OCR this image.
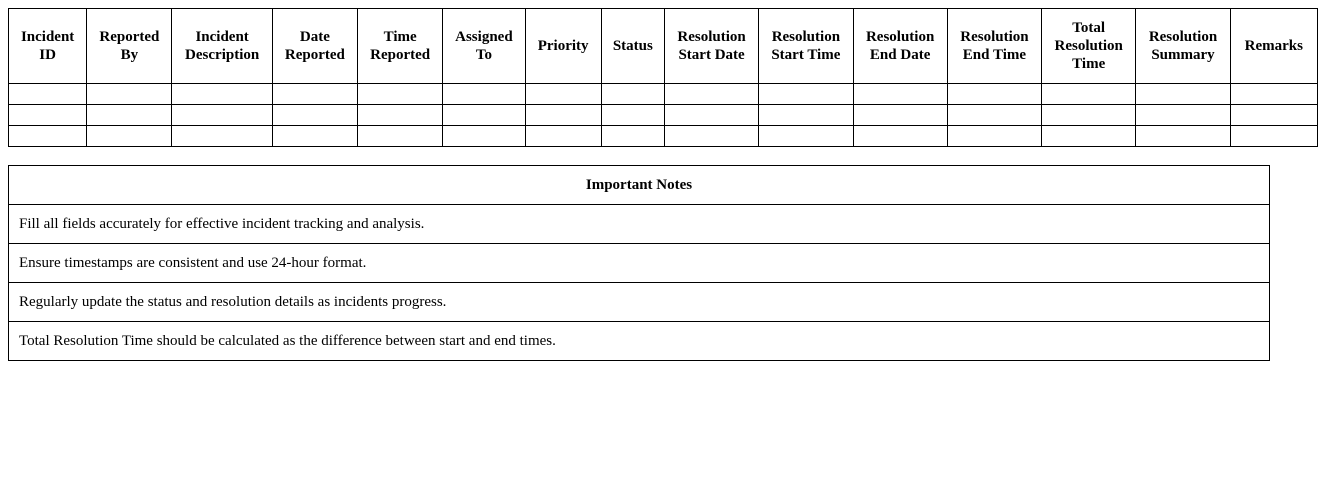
Incident ID	Reported By	Incident Description	Date Reported	Time Reported	Assigned To	Priority	Status	Resolution Start Date	Resolution Start Time	Resolution End Date	Resolution End Time	Total Resolution Time	Resolution Summary	Remarks

Important Notes
Fill all fields accurately for effective incident tracking and analysis.
Ensure timestamps are consistent and use 24-hour format.
Regularly update the status and resolution details as incidents progress.
Total Resolution Time should be calculated as the difference between start and end times.
